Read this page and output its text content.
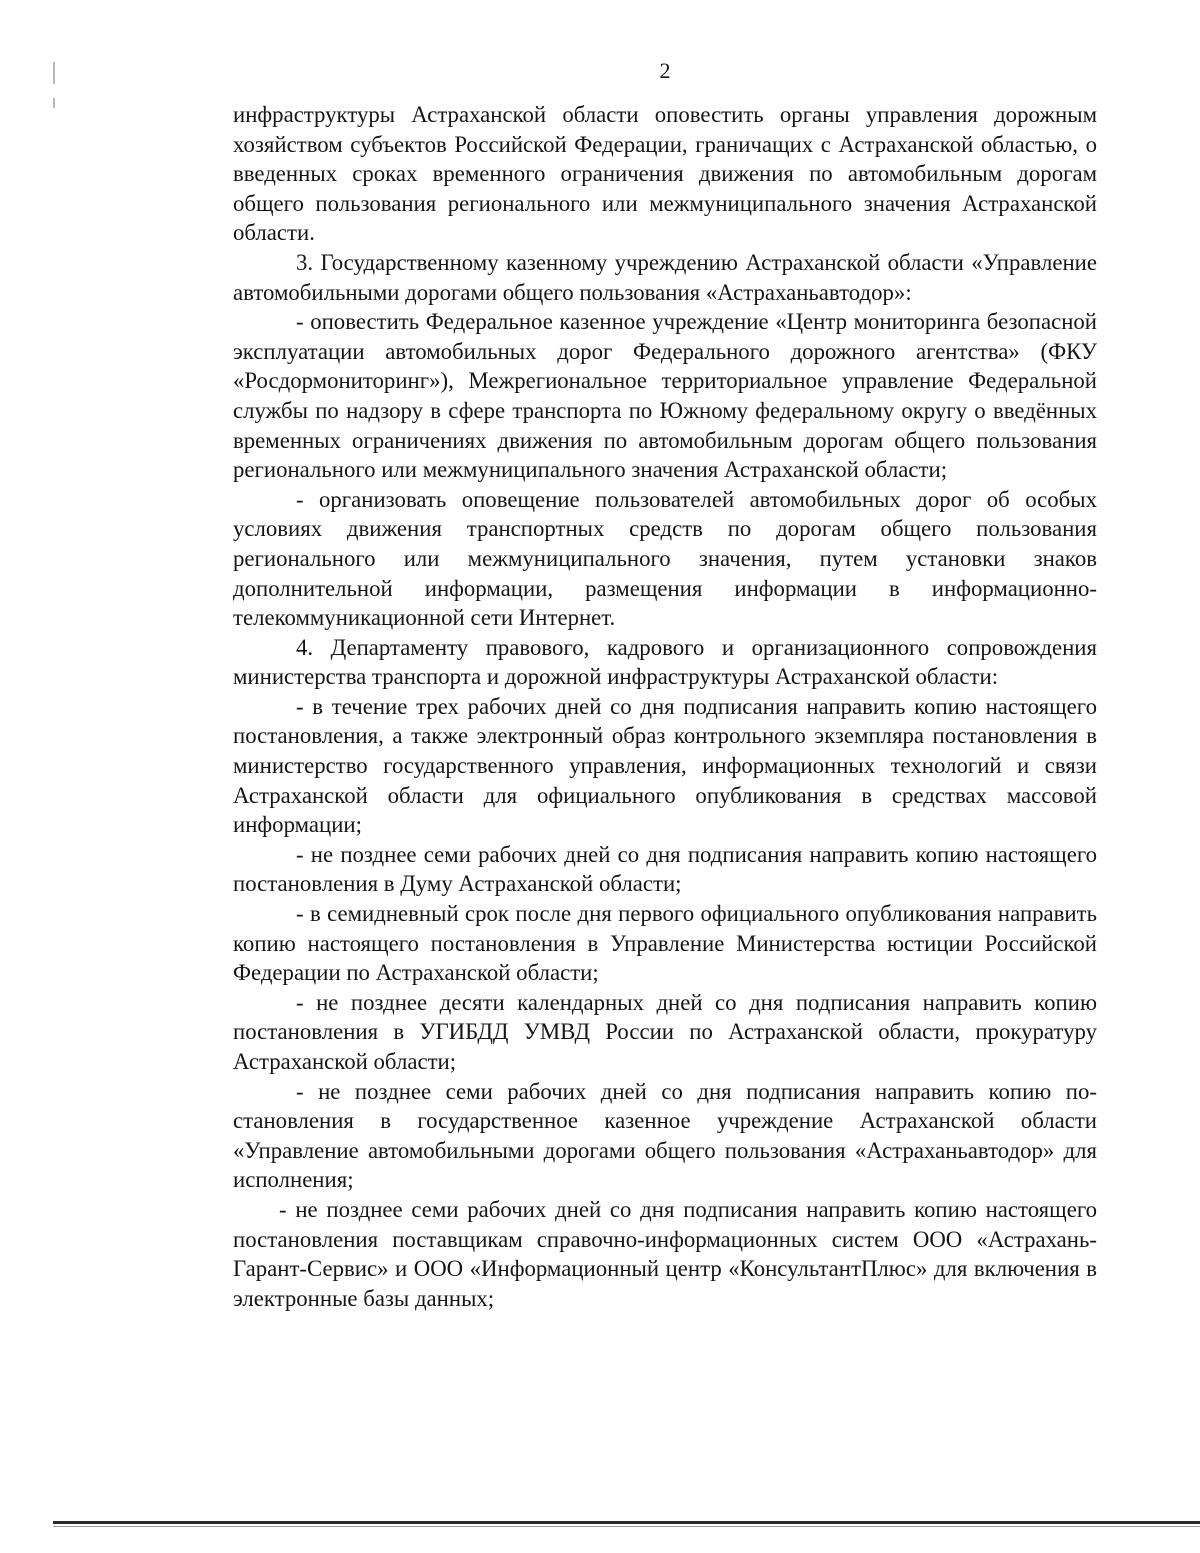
2

инфраструктуры Астраханской области оповестить органы управления дорожным хозяйством субъектов Российской Федерации, граничащих с Астраханской областью, о введенных сроках временного ограничения движения по автомобильным дорогам общего пользования регионального или межмуниципального значения Астраханской области.

3. Государственному казенному учреждению Астраханской области «Управление автомобильными дорогами общего пользования «Астраханьавтодор»:

- оповестить Федеральное казенное учреждение «Центр мониторинга безопасной эксплуатации автомобильных дорог Федерального дорожного агентства» (ФКУ «Росдормониторинг»), Межрегиональное территориальное управление Федеральной службы по надзору в сфере транспорта по Южному федеральному округу о введённых временных ограничениях движения по автомобильным дорогам общего пользования регионального или межмуниципального значения Астраханской области;

- организовать оповещение пользователей автомобильных дорог об особых условиях движения транспортных средств по дорогам общего пользования регионального или межмуниципального значения, путем установки знаков дополнительной информации, размещения информации в информационно-телекоммуникационной сети Интернет.

4. Департаменту правового, кадрового и организационного сопровождения министерства транспорта и дорожной инфраструктуры Астраханской области:

- в течение трех рабочих дней со дня подписания направить копию настоящего постановления, а также электронный образ контрольного экземпляра постановления в министерство государственного управления, информационных технологий и связи Астраханской области для официального опубликования в средствах массовой информации;

- не позднее семи рабочих дней со дня подписания направить копию настоящего постановления в Думу Астраханской области;

- в семидневный срок после дня первого официального опубликования направить копию настоящего постановления в Управление Министерства юстиции Российской Федерации по Астраханской области;

- не позднее десяти календарных дней со дня подписания направить копию постановления в УГИБДД УМВД России по Астраханской области, прокуратуру Астраханской области;

- не позднее семи рабочих дней со дня подписания направить копию постановления в государственное казенное учреждение Астраханской области «Управление автомобильными дорогами общего пользования «Астраханьавтодор» для исполнения;

- не позднее семи рабочих дней со дня подписания направить копию настоящего постановления поставщикам справочно-информационных систем ООО «Астрахань-Гарант-Сервис» и ООО «Информационный центр «КонсультантПлюс» для включения в электронные базы данных;
